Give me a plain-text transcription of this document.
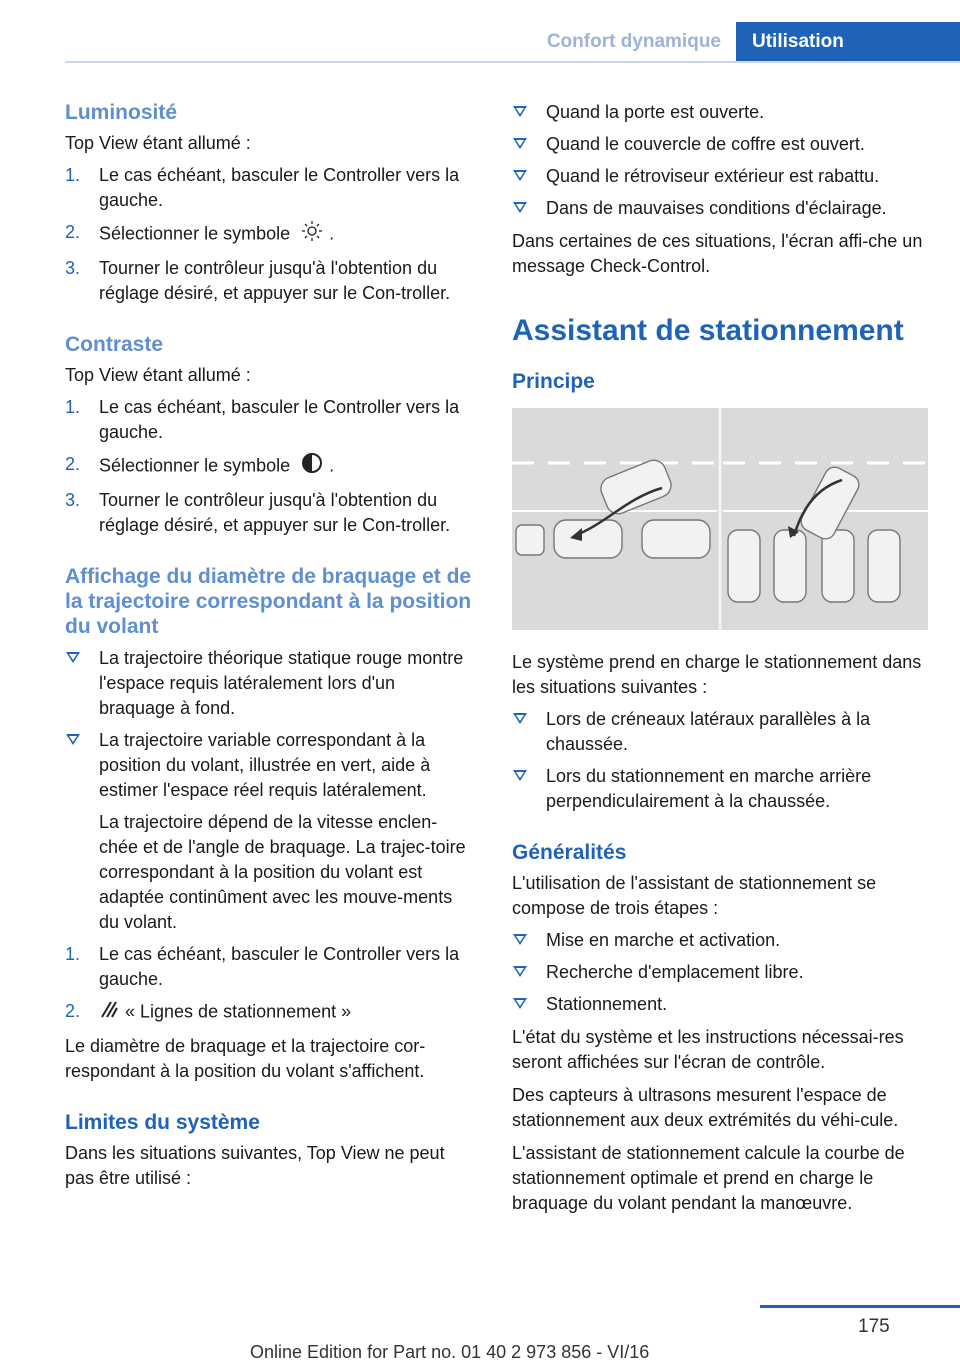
Confort dynamique	Utilisation
Luminosité

Top View étant allumé :

1. Le cas échéant, basculer le Controller vers la gauche.
2. Sélectionner le symbole .
3. Tourner le contrôleur jusqu'à l'obtention du réglage désiré, et appuyer sur le Con‐troller.
Contraste

Top View étant allumé :

1. Le cas échéant, basculer le Controller vers la gauche.
2. Sélectionner le symbole .
3. Tourner le contrôleur jusqu'à l'obtention du réglage désiré, et appuyer sur le Con‐troller.
Affichage du diamètre de braquage et de la trajectoire correspondant à la position du volant
La trajectoire théorique statique rouge montre l'espace requis latéralement lors d'un braquage à fond.
La trajectoire variable correspondant à la position du volant, illustrée en vert, aide à estimer l'espace réel requis latéralement.
La trajectoire dépend de la vitesse enclen‐chée et de l'angle de braquage. La trajec‐toire correspondant à la position du volant est adaptée continûment avec les mouve‐ments du volant.
1. Le cas échéant, basculer le Controller vers la gauche.
2. « Lignes de stationnement »

Le diamètre de braquage et la trajectoire cor‐respondant à la position du volant s'affichent.

Limites du système

Dans les situations suivantes, Top View ne peut pas être utilisé :

Quand la porte est ouverte.
Quand le couvercle de coffre est ouvert.
Quand le rétroviseur extérieur est rabattu.
Dans de mauvaises conditions d'éclairage.

Dans certaines de ces situations, l'écran affi‐che un message Check-Control.

Assistant de stationnement
Principe

Le système prend en charge le stationnement dans les situations suivantes :

Lors de créneaux latéraux parallèles à la chaussée.
Lors du stationnement en marche arrière perpendiculairement à la chaussée.
Généralités

L'utilisation de l'assistant de stationnement se compose de trois étapes :

Mise en marche et activation.
Recherche d'emplacement libre.
Stationnement.

L'état du système et les instructions nécessai‐res seront affichées sur l'écran de contrôle.

Des capteurs à ultrasons mesurent l'espace de stationnement aux deux extrémités du véhi‐cule.

L'assistant de stationnement calcule la courbe de stationnement optimale et prend en charge le braquage du volant pendant la manœuvre.

175
Online Edition for Part no. 01 40 2 973 856 - VI/16
